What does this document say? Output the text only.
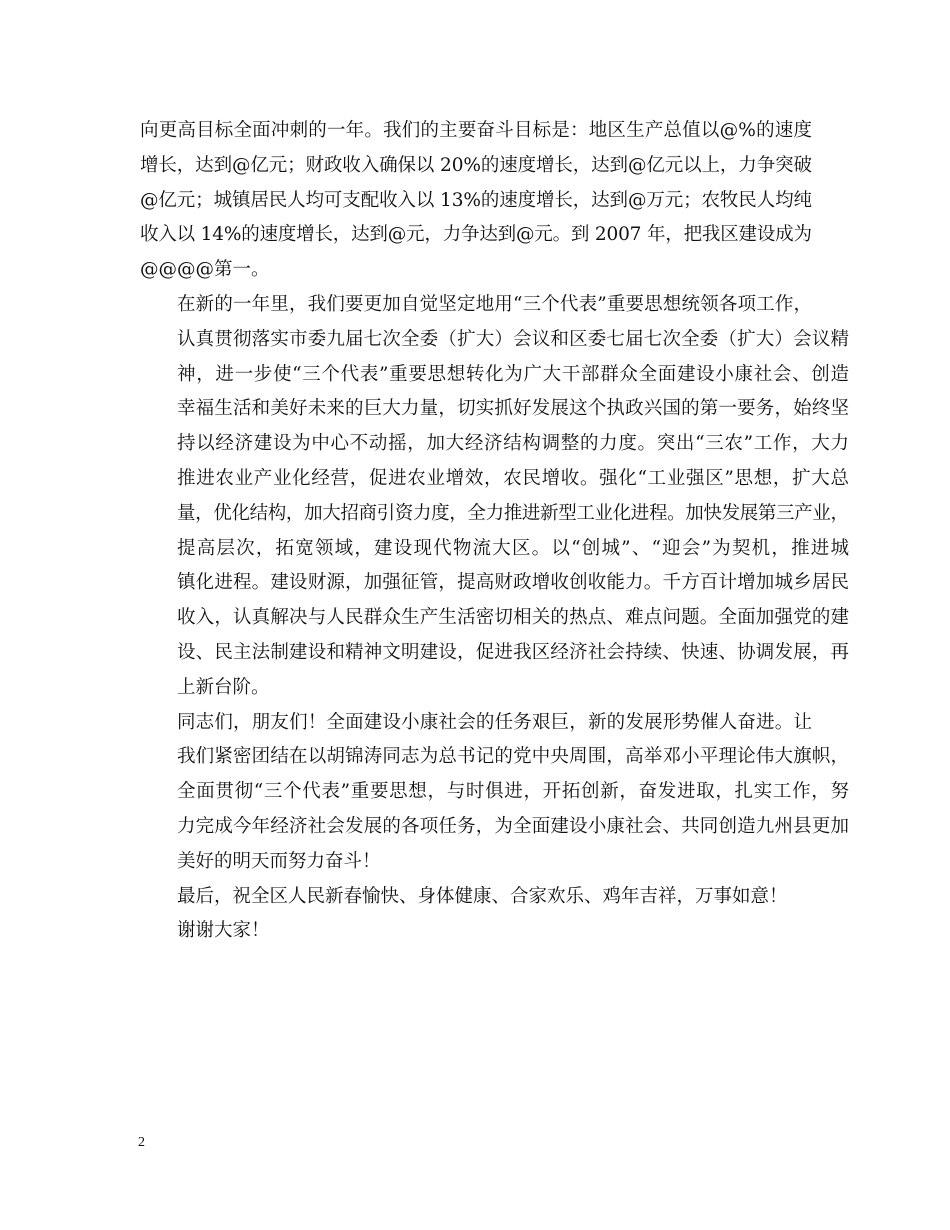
向更高目标全面冲刺的一年。我们的主要奋斗目标是：地区生产总值以@%的速度
增长，达到@亿元；财政收入确保以 20%的速度增长，达到@亿元以上，力争突破
@亿元；城镇居民人均可支配收入以 13%的速度增长，达到@万元；农牧民人均纯
收入以 14%的速度增长，达到@元，力争达到@元。到 2007 年，把我区建设成为
@@@@第一。

在新的一年里，我们要更加自觉坚定地用“三个代表”重要思想统领各项工作，
认真贯彻落实市委九届七次全委（扩大）会议和区委七届七次全委（扩大）会议精
神，进一步使“三个代表”重要思想转化为广大干部群众全面建设小康社会、创造
幸福生活和美好未来的巨大力量，切实抓好发展这个执政兴国的第一要务，始终坚
持以经济建设为中心不动摇，加大经济结构调整的力度。突出“三农”工作，大力
推进农业产业化经营，促进农业增效，农民增收。强化“工业强区”思想，扩大总
量，优化结构，加大招商引资力度，全力推进新型工业化进程。加快发展第三产业，
提高层次，拓宽领域，建设现代物流大区。以“创城”、“迎会”为契机，推进城
镇化进程。建设财源，加强征管，提高财政增收创收能力。千方百计增加城乡居民
收入，认真解决与人民群众生产生活密切相关的热点、难点问题。全面加强党的建
设、民主法制建设和精神文明建设，促进我区经济社会持续、快速、协调发展，再
上新台阶。

同志们，朋友们！全面建设小康社会的任务艰巨，新的发展形势催人奋进。让
我们紧密团结在以胡锦涛同志为总书记的党中央周围，高举邓小平理论伟大旗帜，
全面贯彻“三个代表”重要思想，与时俱进，开拓创新，奋发进取，扎实工作，努
力完成今年经济社会发展的各项任务，为全面建设小康社会、共同创造九州县更加
美好的明天而努力奋斗！

最后，祝全区人民新春愉快、身体健康、合家欢乐、鸡年吉祥，万事如意！

谢谢大家！

2
